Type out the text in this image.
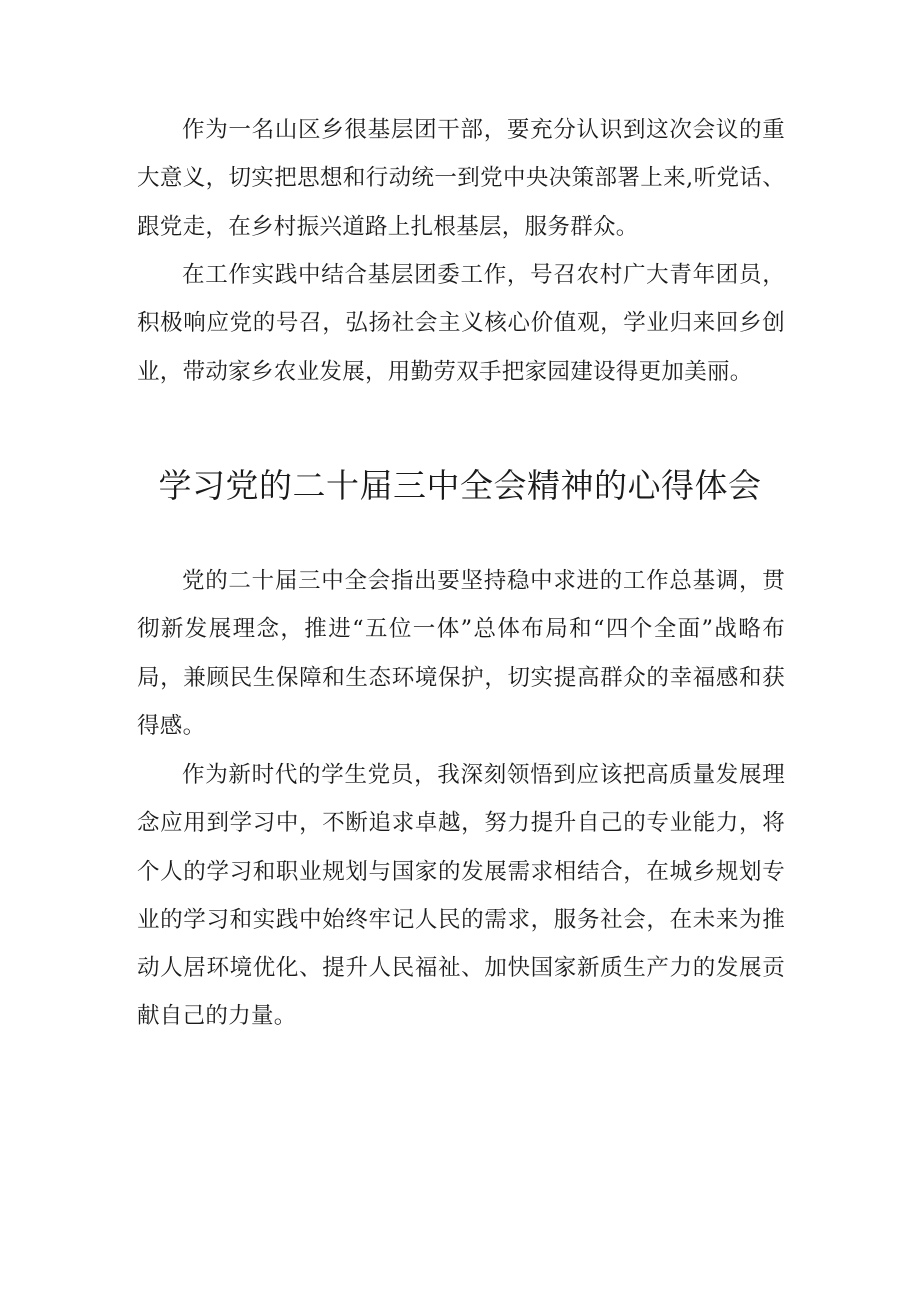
作为一名山区乡很基层团干部，要充分认识到这次会议的重大意义，切实把思想和行动统一到党中央决策部署上来,听党话、跟党走，在乡村振兴道路上扎根基层，服务群众。

在工作实践中结合基层团委工作，号召农村广大青年团员，积极响应党的号召，弘扬社会主义核心价值观，学业归来回乡创业，带动家乡农业发展，用勤劳双手把家园建设得更加美丽。

学习党的二十届三中全会精神的心得体会

党的二十届三中全会指出要坚持稳中求进的工作总基调，贯彻新发展理念，推进“五位一体”总体布局和“四个全面”战略布局，兼顾民生保障和生态环境保护，切实提高群众的幸福感和获得感。

作为新时代的学生党员，我深刻领悟到应该把高质量发展理念应用到学习中，不断追求卓越，努力提升自己的专业能力，将个人的学习和职业规划与国家的发展需求相结合，在城乡规划专业的学习和实践中始终牢记人民的需求，服务社会，在未来为推动人居环境优化、提升人民福祉、加快国家新质生产力的发展贡献自己的力量。
